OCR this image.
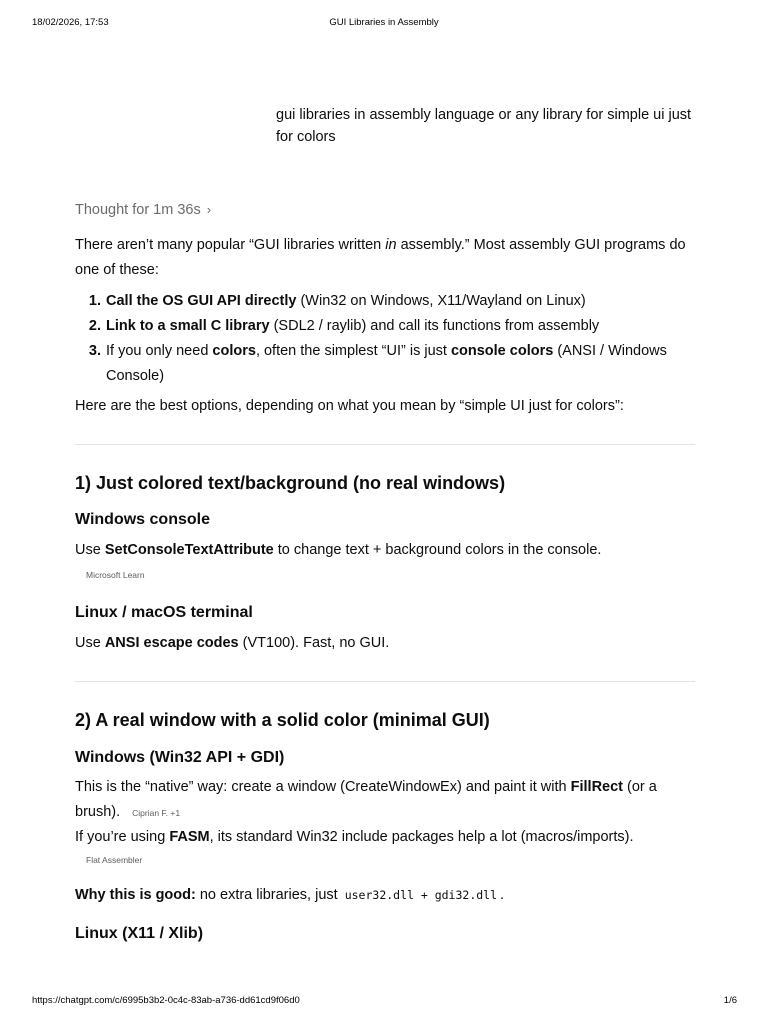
18/02/2026, 17:53	GUI Libraries in Assembly
gui libraries in assembly language or any library for simple ui just for colors
Thought for 1m 36s ›

There aren’t many popular “GUI libraries written in assembly.” Most assembly GUI programs do one of these:

1. Call the OS GUI API directly (Win32 on Windows, X11/Wayland on Linux)
2. Link to a small C library (SDL2 / raylib) and call its functions from assembly
3. If you only need colors, often the simplest “UI” is just console colors (ANSI / Windows Console)

Here are the best options, depending on what you mean by “simple UI just for colors”:

1) Just colored text/background (no real windows)
Windows console

Use SetConsoleTextAttribute to change text + background colors in the console.

Microsoft Learn
Linux / macOS terminal

Use ANSI escape codes (VT100). Fast, no GUI.

2) A real window with a solid color (minimal GUI)
Windows (Win32 API + GDI)

This is the “native” way: create a window (CreateWindowEx) and paint it with FillRect (or a brush). Ciprian F. +1

If you’re using FASM, its standard Win32 include packages help a lot (macros/imports).

Flat Assembler

Why this is good: no extra libraries, just user32.dll + gdi32.dll .

Linux (X11 / Xlib)
https://chatgpt.com/c/6995b3b2-0c4c-83ab-a736-dd61cd9f06d0	1/6
